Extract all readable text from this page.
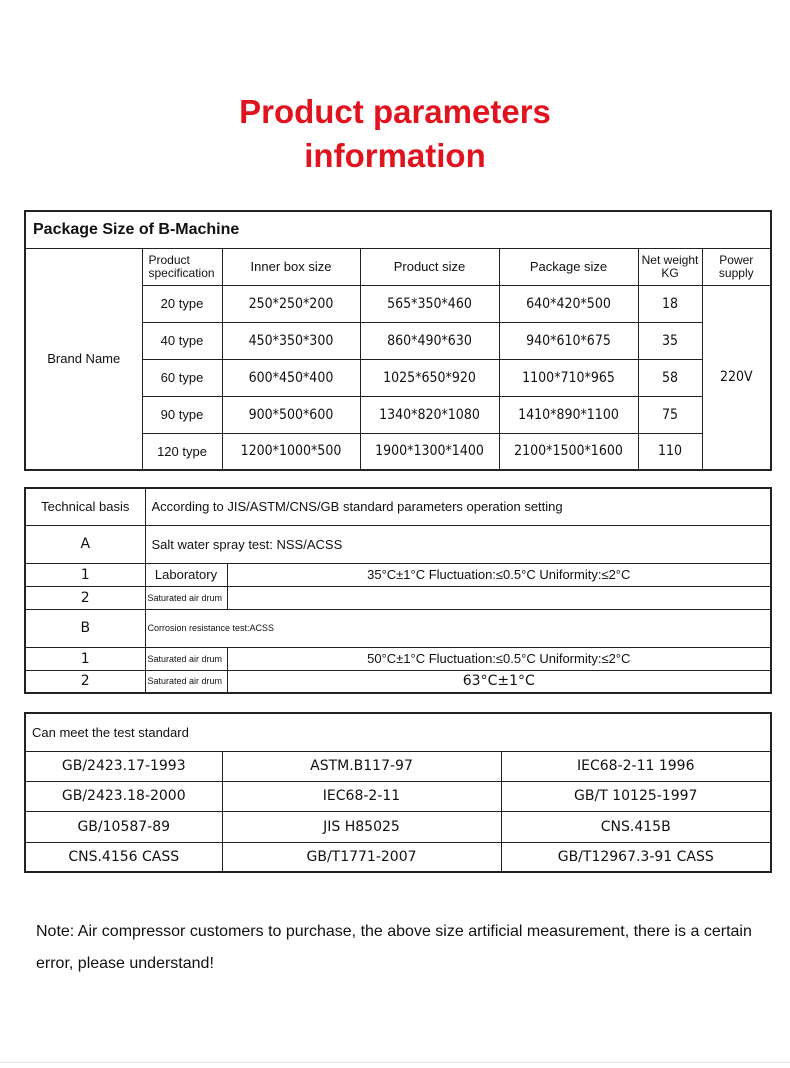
Product parameters
information
Package Size of B-Machine						
Brand Name	Product specification	Inner box size	Product size	Package size	Net weight KG	Power supply
	20 type	250*250*200	565*350*460	640*420*500	18	220V
	40 type	450*350*300	860*490*630	940*610*675	35	
	60 type	600*450*400	1025*650*920	1100*710*965	58	
	90 type	900*500*600	1340*820*1080	1410*890*1100	75	
	120 type	1200*1000*500	1900*1300*1400	2100*1500*1600	110	
Technical basis	According to JIS/ASTM/CNS/GB standard parameters operation setting	
A	Salt water spray test: NSS/ACSS	
1	Laboratory	35°C±1°C Fluctuation:≤0.5°C Uniformity:≤2°C
2	Saturated air drum	
B	Corrosion resistance test:ACSS	
1	Saturated air drum	50°C±1°C Fluctuation:≤0.5°C Uniformity:≤2°C
2	Saturated air drum	63°C±1°C
Can meet the test standard		
GB/2423.17-1993	ASTM.B117-97	IEC68-2-11 1996
GB/2423.18-2000	IEC68-2-11	GB/T 10125-1997
GB/10587-89	JIS H85025	CNS.415B
CNS.4156 CASS	GB/T1771-2007	GB/T12967.3-91 CASS
Note: Air compressor customers to purchase, the above size artificial measurement, there is a certain error, please understand!
